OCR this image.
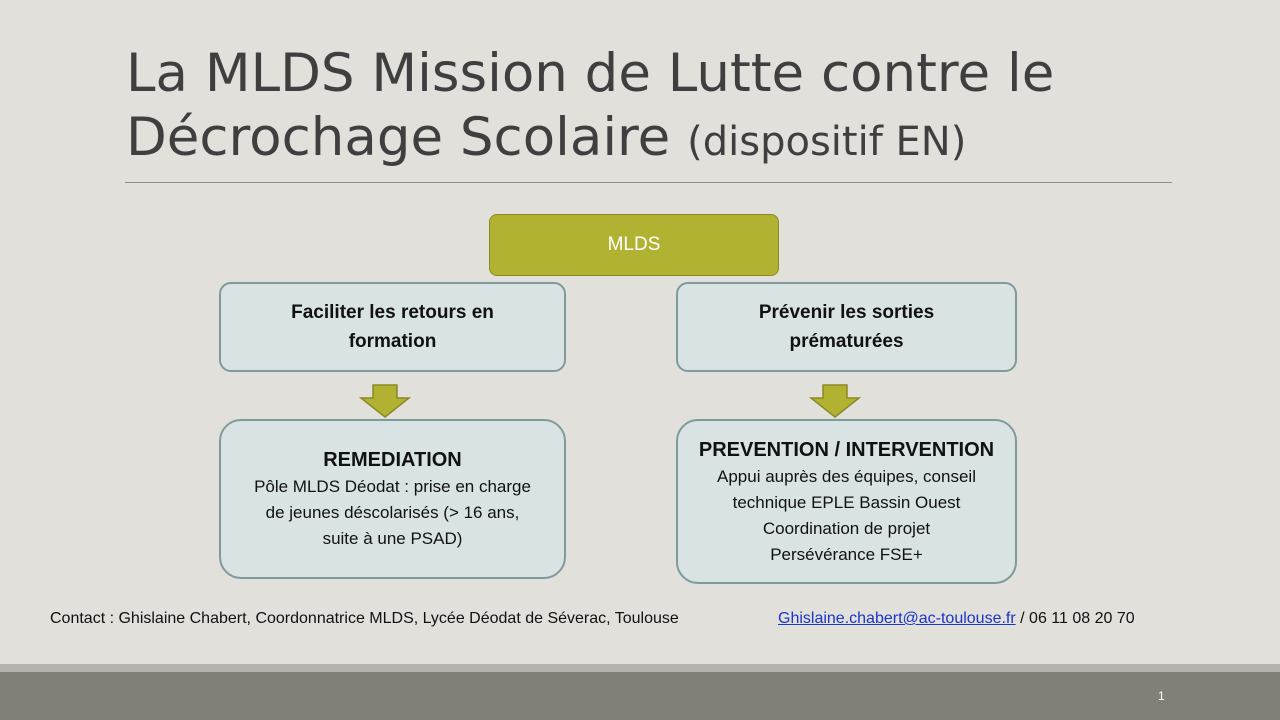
La MLDS Mission de Lutte contre le Décrochage Scolaire (dispositif EN)
MLDS
Faciliter les retours en
formation
Prévenir les sorties
prématurées
REMEDIATION
Pôle MLDS Déodat : prise en charge
de jeunes déscolarisés (> 16 ans,
suite à une PSAD)
PREVENTION / INTERVENTION
Appui auprès des équipes, conseil
technique EPLE Bassin Ouest
Coordination de projet
Persévérance FSE+
Contact : Ghislaine Chabert, Coordonnatrice MLDS, Lycée Déodat de Séverac, Toulouse	Ghislaine.chabert@ac-toulouse.fr / 06 11 08 20 70
1
